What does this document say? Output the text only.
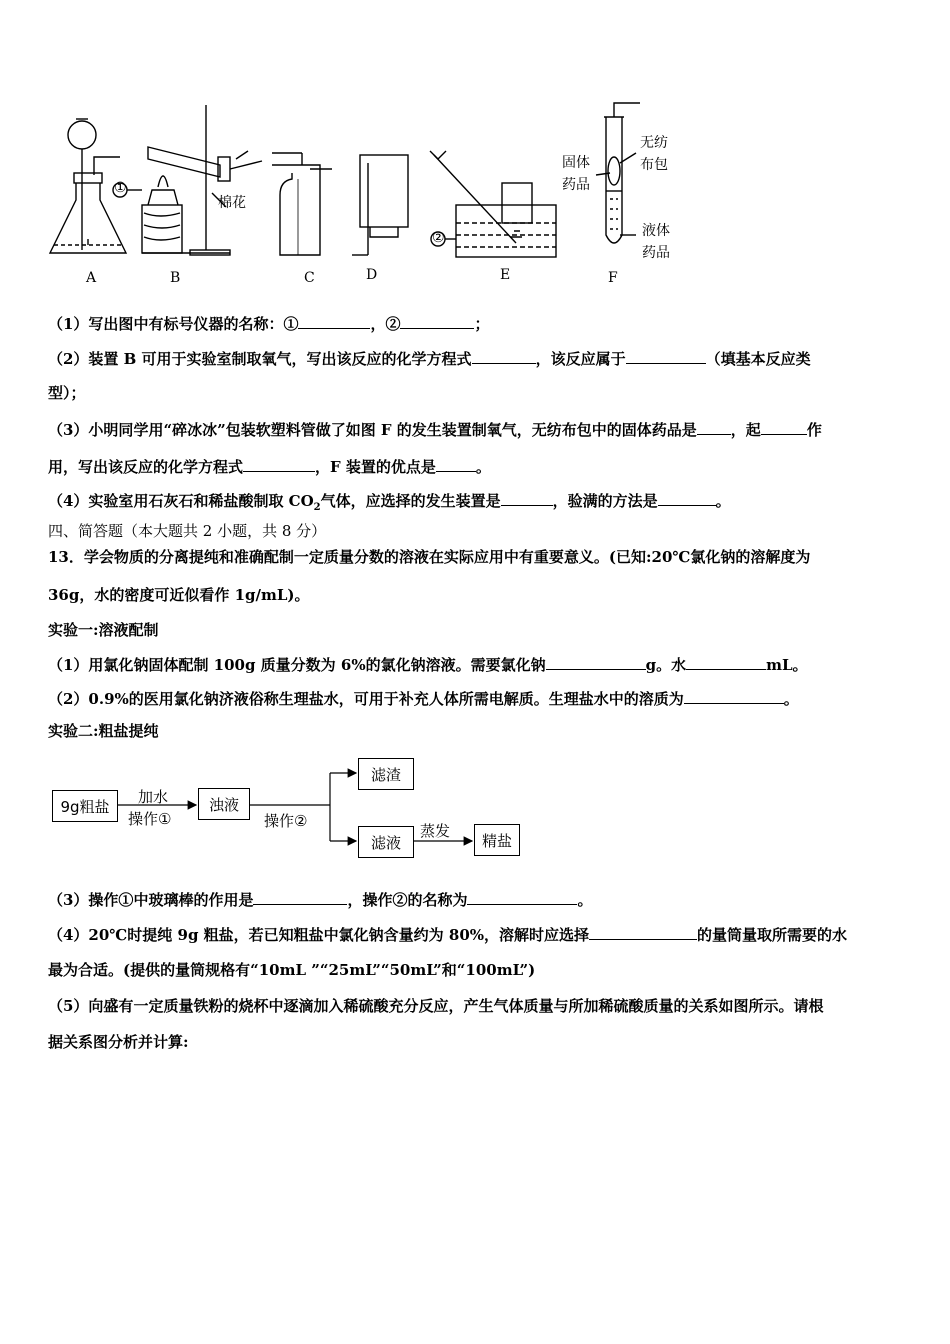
A	B	C	D	E	F
①
②
棉花
固体
药品
无纺
布包
液体
药品
（1）写出图中有标号仪器的名称：①	，②	；
（2）装置 B 可用于实验室制取氧气，写出该反应的化学方程式	，该反应属于	（填基本反应类
型）；
（3）小明同学用“碎冰冰”包装软塑料管做了如图 F 的发生装置制氧气，无纺布包中的固体药品是 ，起	作
用，写出该反应的化学方程式	，F 装置的优点是	。
（4）实验室用石灰石和稀盐酸制取 $CO_2$气体，应选择的发生装置是	，验满的方法是	。
四、简答题（本大题共 2 小题，共 8 分）
13．学会物质的分离提纯和准确配制一定质量分数的溶液在实际应用中有重要意义。(已知:20℃氯化钠的溶解度为
36g，水的密度可近似看作 1g/mL)。
实验一:溶液配制
（1）用氯化钠固体配制 100g 质量分数为 6%的氯化钠溶液。需要氯化钠	g。水	mL。
（2）0.9%的医用氯化钠济液俗称生理盐水，可用于补充人体所需电解质。生理盐水中的溶质为	。
实验二:粗盐提纯
9g粗盐
加水
操作①
浊液
操作②
滤渣
滤液
蒸发
精盐
（3）操作①中玻璃棒的作用是	，操作②的名称为	。
（4）20℃时提纯 9g 粗盐，若已知粗盐中氯化钠含量约为 80%，溶解时应选择	的量筒量取所需要的水
最为合适。(提供的量筒规格有“10mL ”“25mL”“50mL”和“100mL”)
（5）向盛有一定质量铁粉的烧杯中逐滴加入稀硫酸充分反应，产生气体质量与所加稀硫酸质量的关系如图所示。请根
据关系图分析并计算:
